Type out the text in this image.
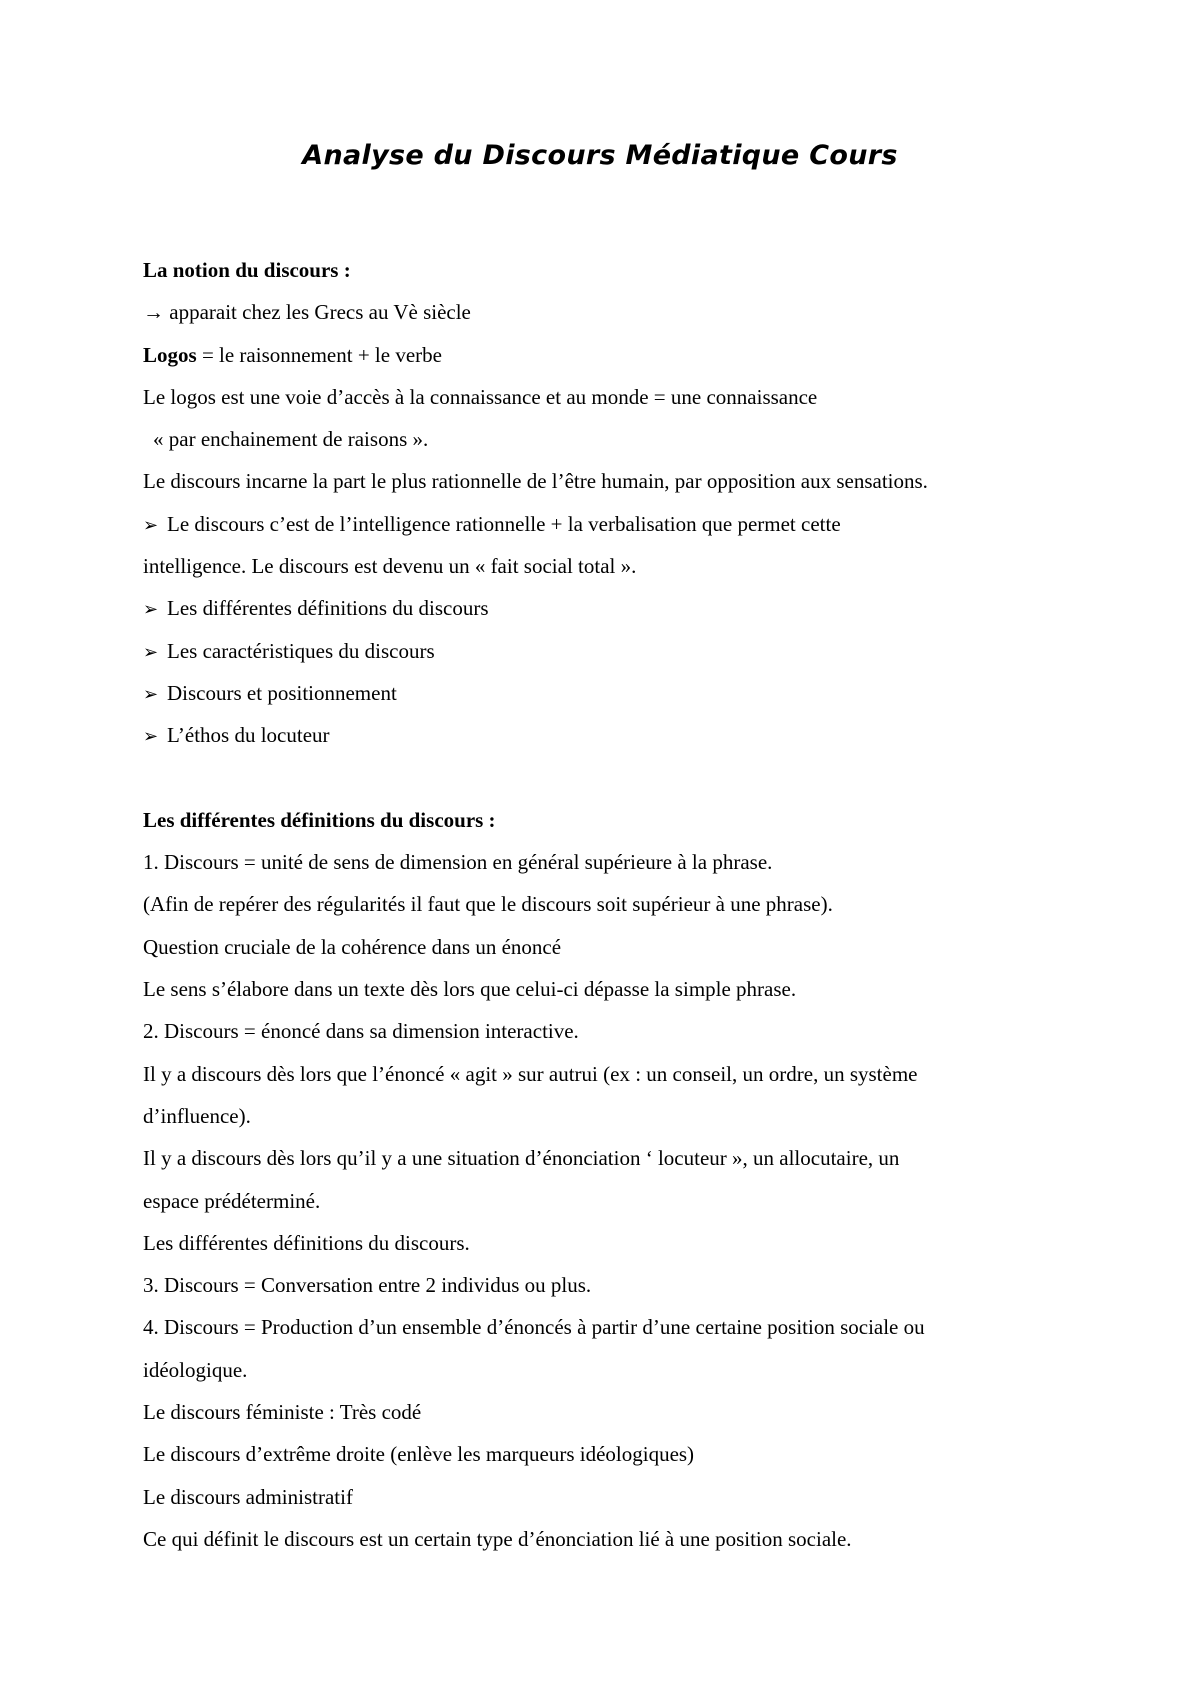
Analyse du Discours Médiatique Cours
La notion du discours :
→ apparait chez les Grecs au Vè siècle
Logos = le raisonnement + le verbe
Le logos est une voie d’accès à la connaissance et au monde = une connaissance
« par enchainement de raisons ».
Le discours incarne la part le plus rationnelle de l’être humain, par opposition aux sensations.
➢ Le discours c’est de l’intelligence rationnelle + la verbalisation que permet cette
intelligence. Le discours est devenu un « fait social total ».
➢ Les différentes définitions du discours
➢ Les caractéristiques du discours
➢ Discours et positionnement
➢ L’éthos du locuteur
Les différentes définitions du discours :
1. Discours = unité de sens de dimension en général supérieure à la phrase.
(Afin de repérer des régularités il faut que le discours soit supérieur à une phrase).
Question cruciale de la cohérence dans un énoncé
Le sens s’élabore dans un texte dès lors que celui-ci dépasse la simple phrase.
2. Discours = énoncé dans sa dimension interactive.
Il y a discours dès lors que l’énoncé « agit » sur autrui (ex : un conseil, un ordre, un système
d’influence).
Il y a discours dès lors qu’il y a une situation d’énonciation ‘ locuteur », un allocutaire, un
espace prédéterminé.
Les différentes définitions du discours.
3. Discours = Conversation entre 2 individus ou plus.
4. Discours = Production d’un ensemble d’énoncés à partir d’une certaine position sociale ou
idéologique.
Le discours féministe : Très codé
Le discours d’extrême droite (enlève les marqueurs idéologiques)
Le discours administratif
Ce qui définit le discours est un certain type d’énonciation lié à une position sociale.
